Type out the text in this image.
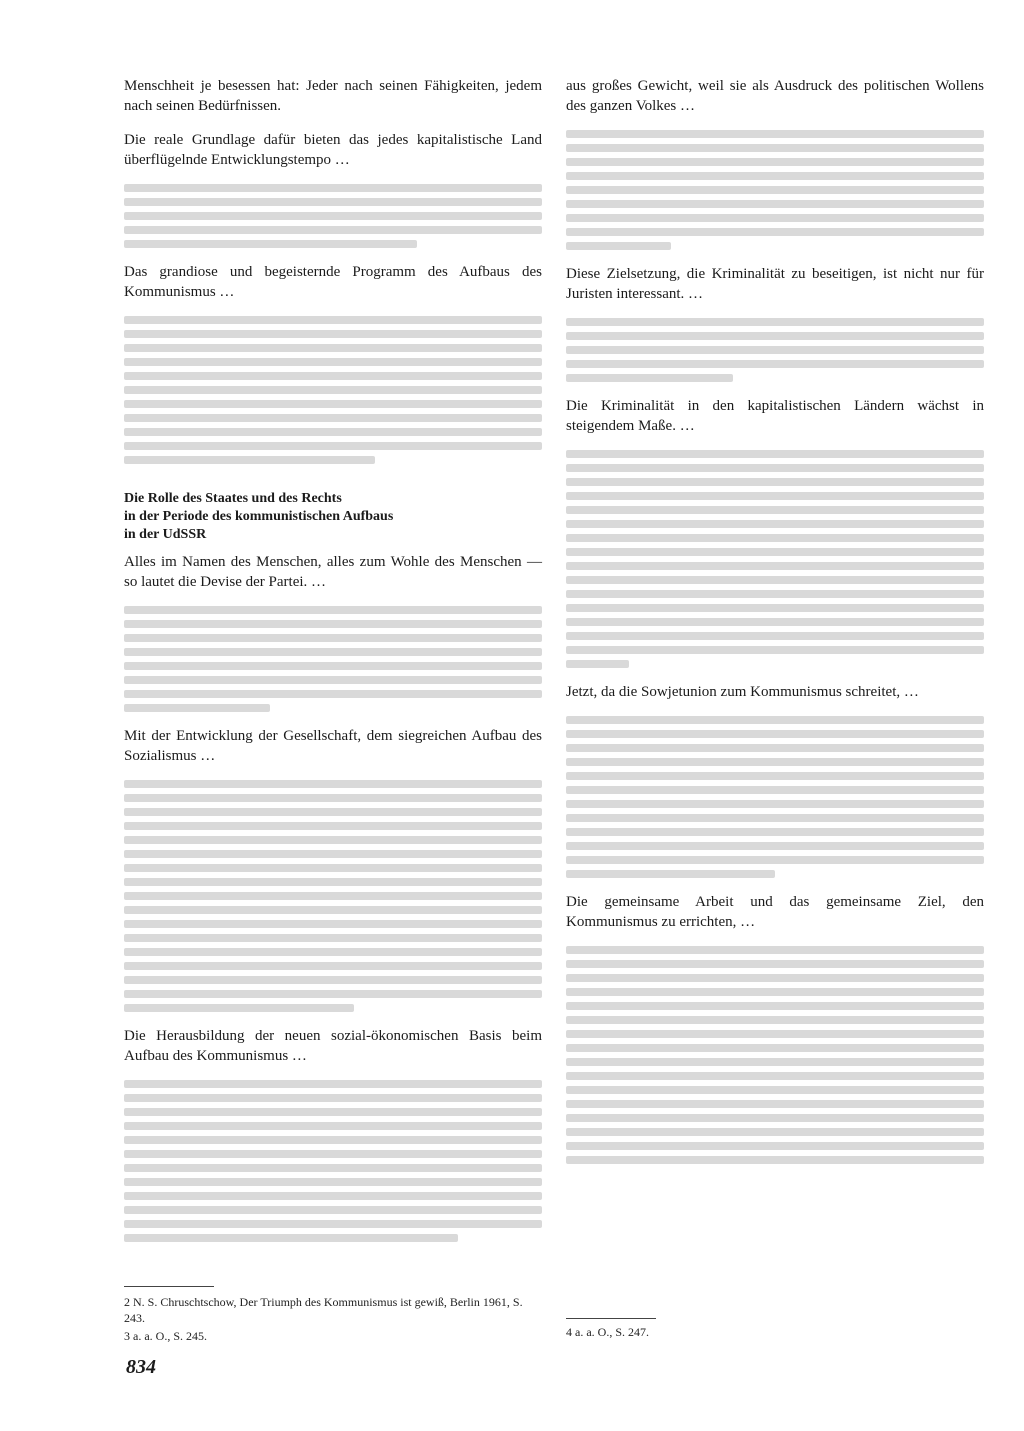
Menschheit je besessen hat: Jeder nach seinen Fähigkeiten, jedem nach seinen Bedürfnissen.

Die reale Grundlage dafür bieten das jedes kapitalistische Land überflügelnde Entwicklungstempo …

Das grandiose und begeisternde Programm des Aufbaus des Kommunismus …

Die Rolle des Staates und des Rechts
in der Periode des kommunistischen Aufbaus
in der UdSSR

Alles im Namen des Menschen, alles zum Wohle des Menschen — so lautet die Devise der Partei. …

Mit der Entwicklung der Gesellschaft, dem siegreichen Aufbau des Sozialismus …

Die Herausbildung der neuen sozial-ökonomischen Basis beim Aufbau des Kommunismus …

2 N. S. Chruschtschow, Der Triumph des Kommunismus ist gewiß, Berlin 1961, S. 243.
3 a. a. O., S. 245.

aus großes Gewicht, weil sie als Ausdruck des politischen Wollens des ganzen Volkes …

Diese Zielsetzung, die Kriminalität zu beseitigen, ist nicht nur für Juristen interessant. …

Die Kriminalität in den kapitalistischen Ländern wächst in steigendem Maße. …

Jetzt, da die Sowjetunion zum Kommunismus schreitet, …

Die gemeinsame Arbeit und das gemeinsame Ziel, den Kommunismus zu errichten, …

4 a. a. O., S. 247.
834
